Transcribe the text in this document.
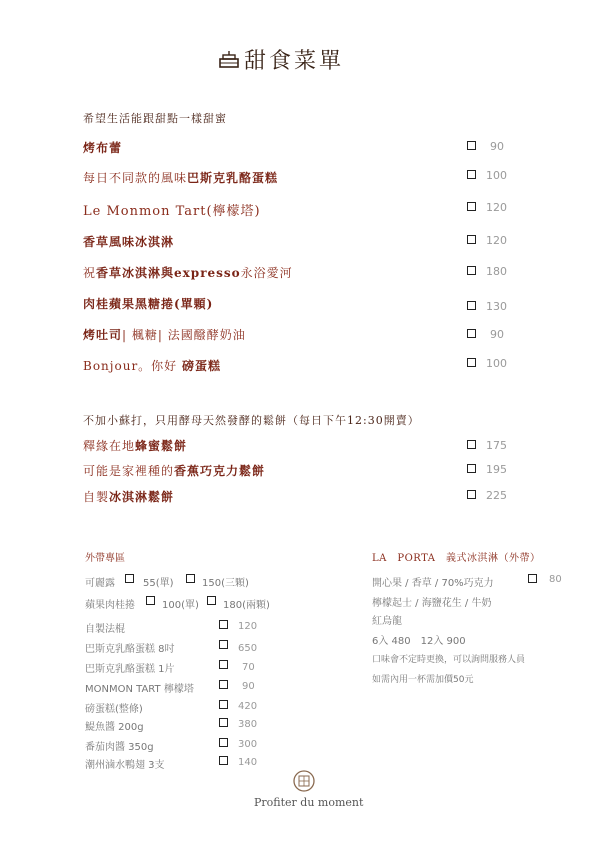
甜食菜單
希望生活能跟甜點一樣甜蜜
烤布蕾	90
每日不同款的風味巴斯克乳酪蛋糕	100
Le Monmon Tart(檸檬塔)	120
香草風味冰淇淋	120
祝香草冰淇淋與expresso永浴愛河	180
肉桂蘋果黑糖捲(單顆)	130
烤吐司| 楓糖| 法國醱酵奶油	90
Bonjour。你好 磅蛋糕	100
不加小蘇打，只用酵母天然發酵的鬆餅（每日下午12:30開賣）
釋緣在地蜂蜜鬆餅	175
可能是家裡種的香蕉巧克力鬆餅	195
自製冰淇淋鬆餅	225
外帶專區
可麗露	55(單)	150(三顆)
蘋果肉桂捲	100(單) 180(兩顆)
自製法棍	120
巴斯克乳酪蛋糕 8吋	650
巴斯克乳酪蛋糕 1片	70
MONMON TART 檸檬塔	90
磅蛋糕(整條)	420
鯷魚醬 200g	380
番茄肉醬 350g	300
潮州滷水鴨翅 3支	140
LA　PORTA　義式冰淇淋（外帶）
開心果 / 香草 / 70%巧克力	80
檸檬起士 / 海鹽花生 / 牛奶
紅烏龍
6入 480　12入 900
口味會不定時更換，可以詢問服務人員
如需內用一杯需加價50元
Profiter du moment
